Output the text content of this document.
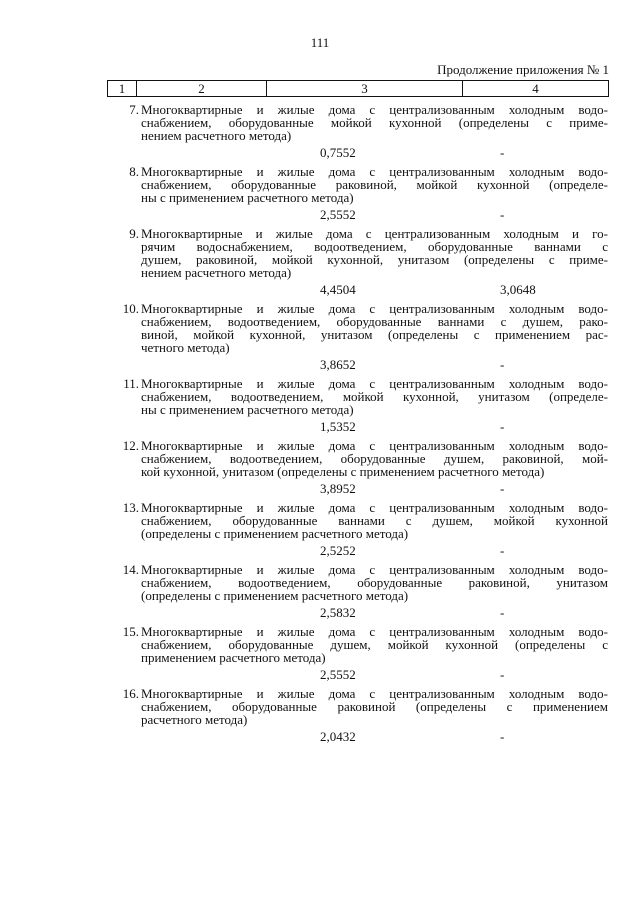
111
Продолжение приложения № 1
1	2	3	4
7. Многоквартирные и жилые дома с централизованным холодным водо-
снабжением, оборудованные мойкой кухонной (определены с приме-
нением расчетного метода)
0,7552	-
8. Многоквартирные и жилые дома с централизованным холодным водо-
снабжением, оборудованные раковиной, мойкой кухонной (определе-
ны с применением расчетного метода)
2,5552	-
9. Многоквартирные и жилые дома с централизованным холодным и го-
рячим водоснабжением, водоотведением, оборудованные ваннами с
душем, раковиной, мойкой кухонной, унитазом (определены с приме-
нением расчетного метода)
4,4504	3,0648
10. Многоквартирные и жилые дома с централизованным холодным водо-
снабжением, водоотведением, оборудованные ваннами с душем, рако-
виной, мойкой кухонной, унитазом (определены с применением рас-
четного метода)
3,8652	-
11. Многоквартирные и жилые дома с централизованным холодным водо-
снабжением, водоотведением, мойкой кухонной, унитазом (определе-
ны с применением расчетного метода)
1,5352	-
12. Многоквартирные и жилые дома с централизованным холодным водо-
снабжением, водоотведением, оборудованные душем, раковиной, мой-
кой кухонной, унитазом (определены с применением расчетного метода)
3,8952	-
13. Многоквартирные и жилые дома с централизованным холодным водо-
снабжением, оборудованные ваннами с душем, мойкой кухонной
(определены с применением расчетного метода)
2,5252	-
14. Многоквартирные и жилые дома с централизованным холодным водо-
снабжением, водоотведением, оборудованные раковиной, унитазом
(определены с применением расчетного метода)
2,5832	-
15. Многоквартирные и жилые дома с централизованным холодным водо-
снабжением, оборудованные душем, мойкой кухонной (определены с
применением расчетного метода)
2,5552	-
16. Многоквартирные и жилые дома с централизованным холодным водо-
снабжением, оборудованные раковиной (определены с применением
расчетного метода)
2,0432	-
